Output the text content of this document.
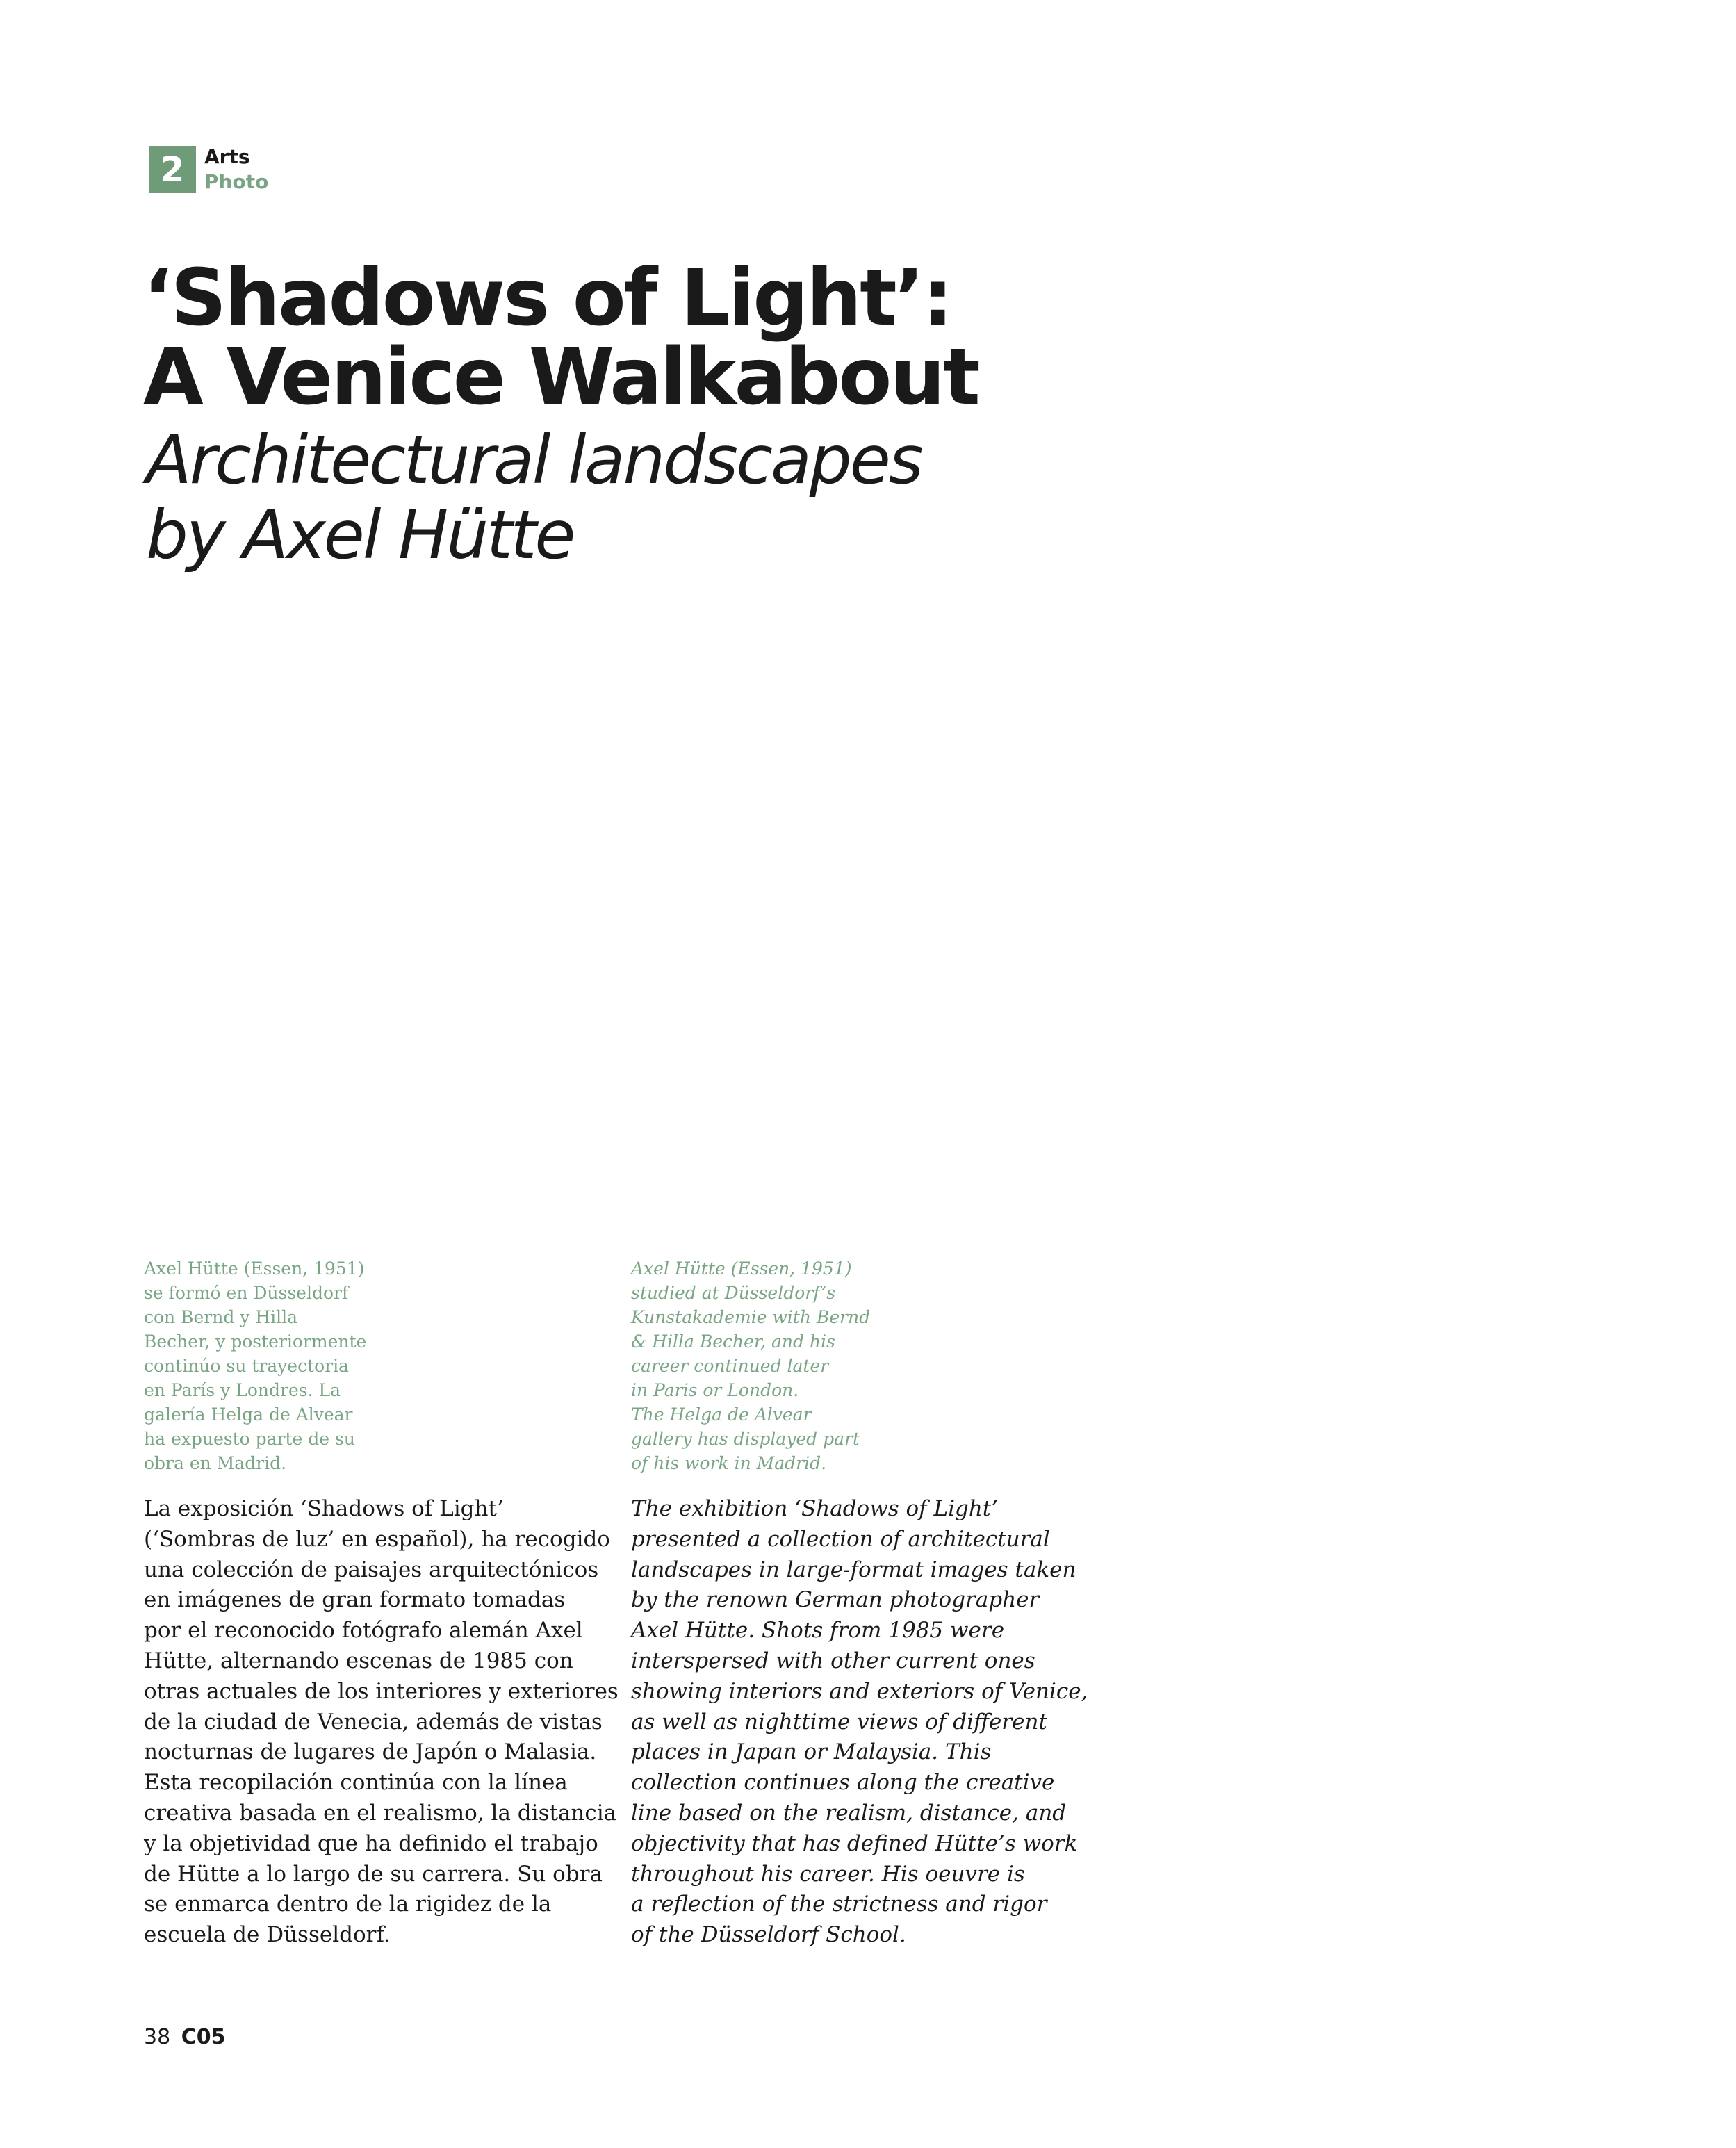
2	Arts
Photo
‘Shadows of Light’:
A Venice Walkabout
Architectural landscapes
by Axel Hütte

Axel Hütte (Essen, 1951)
se formó en Düsseldorf
con Bernd y Hilla
Becher, y posteriormente
continúo su trayectoria
en París y Londres. La
galería Helga de Alvear
ha expuesto parte de su
obra en Madrid.

Axel Hütte (Essen, 1951)
studied at Düsseldorf’s
Kunstakademie with Bernd
& Hilla Becher, and his
career continued later
in Paris or London.
The Helga de Alvear
gallery has displayed part
of his work in Madrid.

La exposición ‘Shadows of Light’
(‘Sombras de luz’ en español), ha recogido
una colección de paisajes arquitectónicos
en imágenes de gran formato tomadas
por el reconocido fotógrafo alemán Axel
Hütte, alternando escenas de 1985 con
otras actuales de los interiores y exteriores
de la ciudad de Venecia, además de vistas
nocturnas de lugares de Japón o Malasia.
Esta recopilación continúa con la línea
creativa basada en el realismo, la distancia
y la objetividad que ha definido el trabajo
de Hütte a lo largo de su carrera. Su obra
se enmarca dentro de la rigidez de la
escuela de Düsseldorf.

The exhibition ‘Shadows of Light’
presented a collection of architectural
landscapes in large-format images taken
by the renown German photographer
Axel Hütte. Shots from 1985 were
interspersed with other current ones
showing interiors and exteriors of Venice,
as well as nighttime views of different
places in Japan or Malaysia. This
collection continues along the creative
line based on the realism, distance, and
objectivity that has defined Hütte’s work
throughout his career. His oeuvre is
a reflection of the strictness and rigor
of the Düsseldorf School.

38 C05
